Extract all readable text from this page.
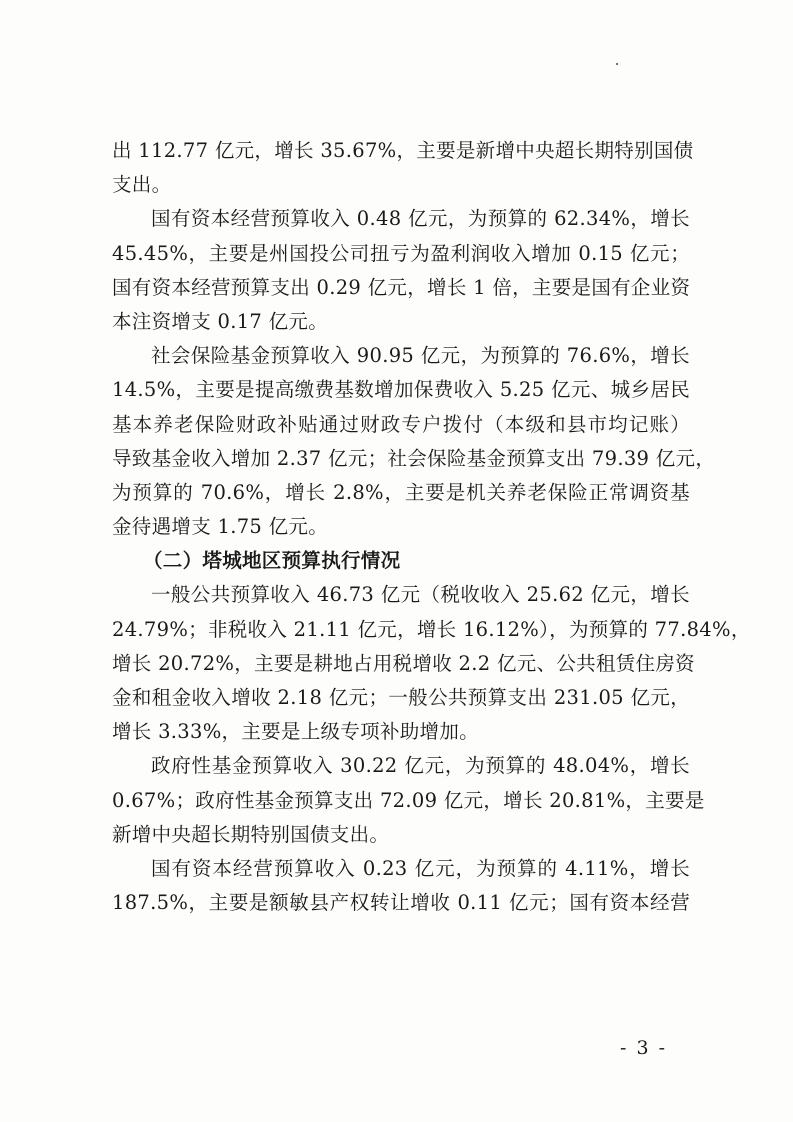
出 112.77 亿元，增长 35.67%，主要是新增中央超长期特别国债
支出。
国有资本经营预算收入 0.48 亿元，为预算的 62.34%，增长
45.45%，主要是州国投公司扭亏为盈利润收入增加 0.15 亿元；
国有资本经营预算支出 0.29 亿元，增长 1 倍，主要是国有企业资
本注资增支 0.17 亿元。
社会保险基金预算收入 90.95 亿元，为预算的 76.6%，增长
14.5%，主要是提高缴费基数增加保费收入 5.25 亿元、城乡居民
基本养老保险财政补贴通过财政专户拨付（本级和县市均记账）
导致基金收入增加 2.37 亿元；社会保险基金预算支出 79.39 亿元，
为预算的 70.6%，增长 2.8%，主要是机关养老保险正常调资基
金待遇增支 1.75 亿元。
（二）塔城地区预算执行情况
一般公共预算收入 46.73 亿元（税收收入 25.62 亿元，增长
24.79%；非税收入 21.11 亿元，增长 16.12%），为预算的 77.84%，
增长 20.72%，主要是耕地占用税增收 2.2 亿元、公共租赁住房资
金和租金收入增收 2.18 亿元；一般公共预算支出 231.05 亿元，
增长 3.33%，主要是上级专项补助增加。
政府性基金预算收入 30.22 亿元，为预算的 48.04%，增长
0.67%；政府性基金预算支出 72.09 亿元，增长 20.81%，主要是
新增中央超长期特别国债支出。
国有资本经营预算收入 0.23 亿元，为预算的 4.11%，增长
187.5%，主要是额敏县产权转让增收 0.11 亿元；国有资本经营
- 3 -
